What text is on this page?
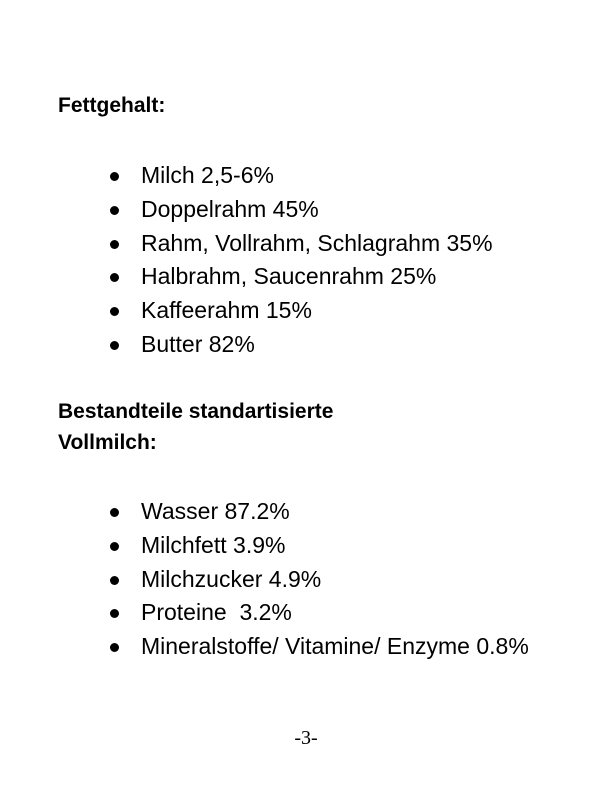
Fettgehalt:
Milch 2,5-6%
Doppelrahm 45%
Rahm, Vollrahm, Schlagrahm 35%
Halbrahm, Saucenrahm 25%
Kaffeerahm 15%
Butter 82%
Bestandteile standartisierte
Vollmilch:
Wasser 87.2%
Milchfett 3.9%
Milchzucker 4.9%
Proteine  3.2%
Mineralstoffe/ Vitamine/ Enzyme 0.8%
-3-
